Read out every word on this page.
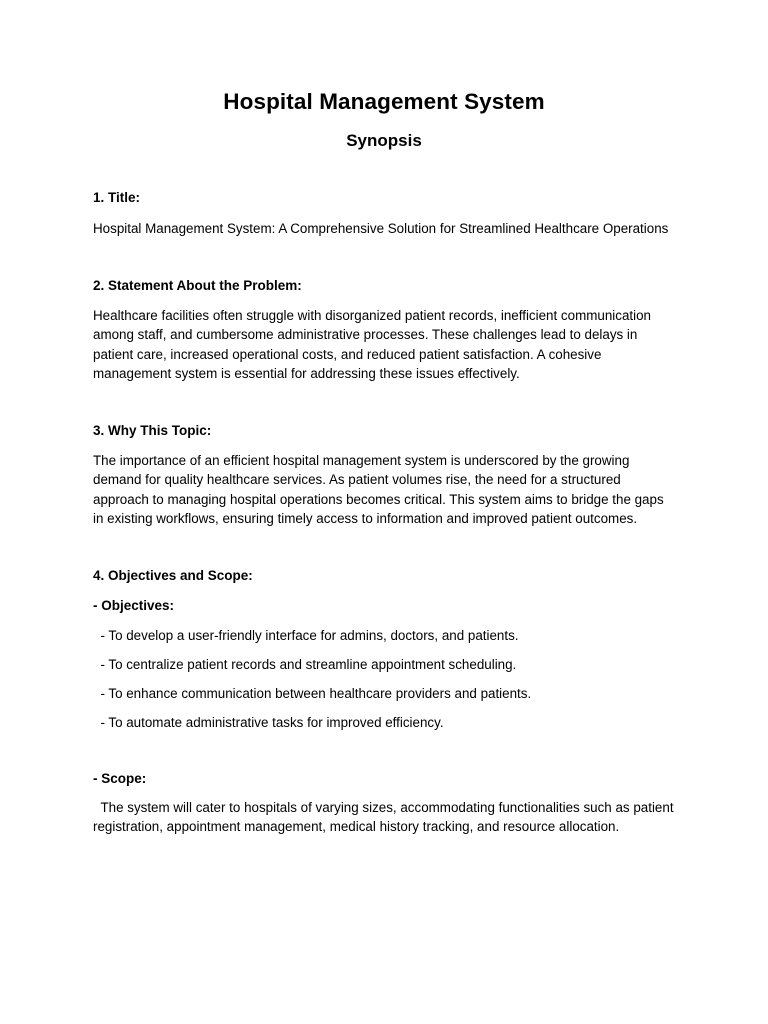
Hospital Management System
Synopsis

1. Title:

Hospital Management System: A Comprehensive Solution for Streamlined Healthcare Operations

2. Statement About the Problem:

Healthcare facilities often struggle with disorganized patient records, inefficient communication among staff, and cumbersome administrative processes. These challenges lead to delays in patient care, increased operational costs, and reduced patient satisfaction. A cohesive management system is essential for addressing these issues effectively.

3. Why This Topic:

The importance of an efficient hospital management system is underscored by the growing demand for quality healthcare services. As patient volumes rise, the need for a structured approach to managing hospital operations becomes critical. This system aims to bridge the gaps in existing workflows, ensuring timely access to information and improved patient outcomes.

4. Objectives and Scope:

- Objectives:

- To develop a user-friendly interface for admins, doctors, and patients.

- To centralize patient records and streamline appointment scheduling.

- To enhance communication between healthcare providers and patients.

- To automate administrative tasks for improved efficiency.

- Scope:

The system will cater to hospitals of varying sizes, accommodating functionalities such as patient registration, appointment management, medical history tracking, and resource allocation.
